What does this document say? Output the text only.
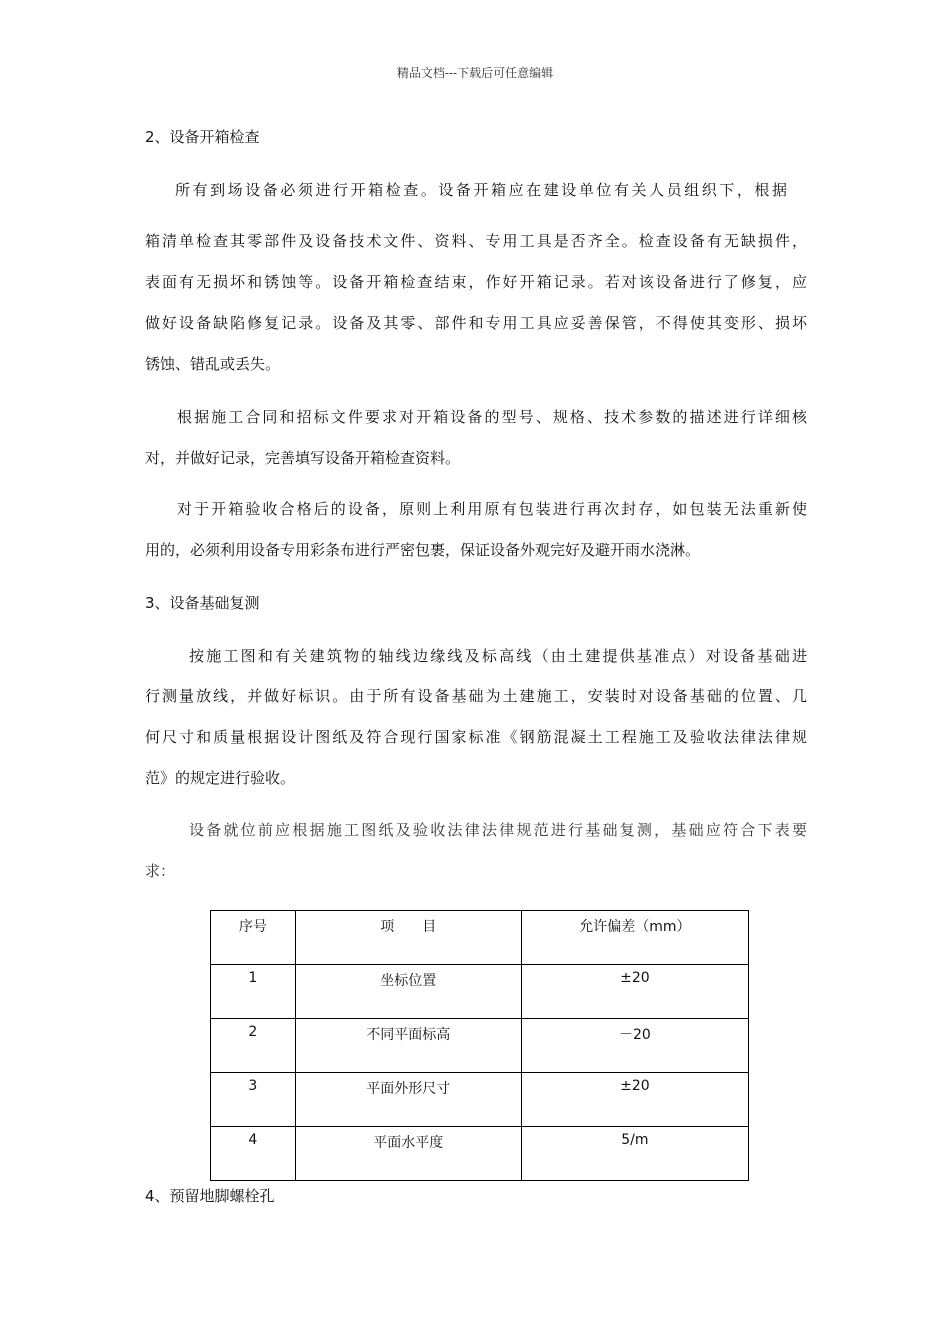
精品文档---下载后可任意编辑
2、设备开箱检查
所有到场设备必须进行开箱检查。设备开箱应在建设单位有关人员组织下，根据
箱清单检查其零部件及设备技术文件、资料、专用工具是否齐全。检查设备有无缺损件，
表面有无损坏和锈蚀等。设备开箱检查结束，作好开箱记录。若对该设备进行了修复，应
做好设备缺陷修复记录。设备及其零、部件和专用工具应妥善保管，不得使其变形、损坏
锈蚀、错乱或丢失。
根据施工合同和招标文件要求对开箱设备的型号、规格、技术参数的描述进行详细核
对，并做好记录，完善填写设备开箱检查资料。
对于开箱验收合格后的设备，原则上利用原有包装进行再次封存，如包装无法重新使
用的，必须利用设备专用彩条布进行严密包裹，保证设备外观完好及避开雨水浇淋。
3、设备基础复测
按施工图和有关建筑物的轴线边缘线及标高线（由土建提供基准点）对设备基础进
行测量放线，并做好标识。由于所有设备基础为土建施工，安装时对设备基础的位置、几
何尺寸和质量根据设计图纸及符合现行国家标准《钢筋混凝土工程施工及验收法律法律规
范》的规定进行验收。
设备就位前应根据施工图纸及验收法律法律规范进行基础复测，基础应符合下表要
求：
序号	项　　目	允许偏差（mm）

1	坐标位置	±20

2	不同平面标高	－20

3	平面外形尺寸	±20

4	平面水平度	5/m
4、预留地脚螺栓孔
